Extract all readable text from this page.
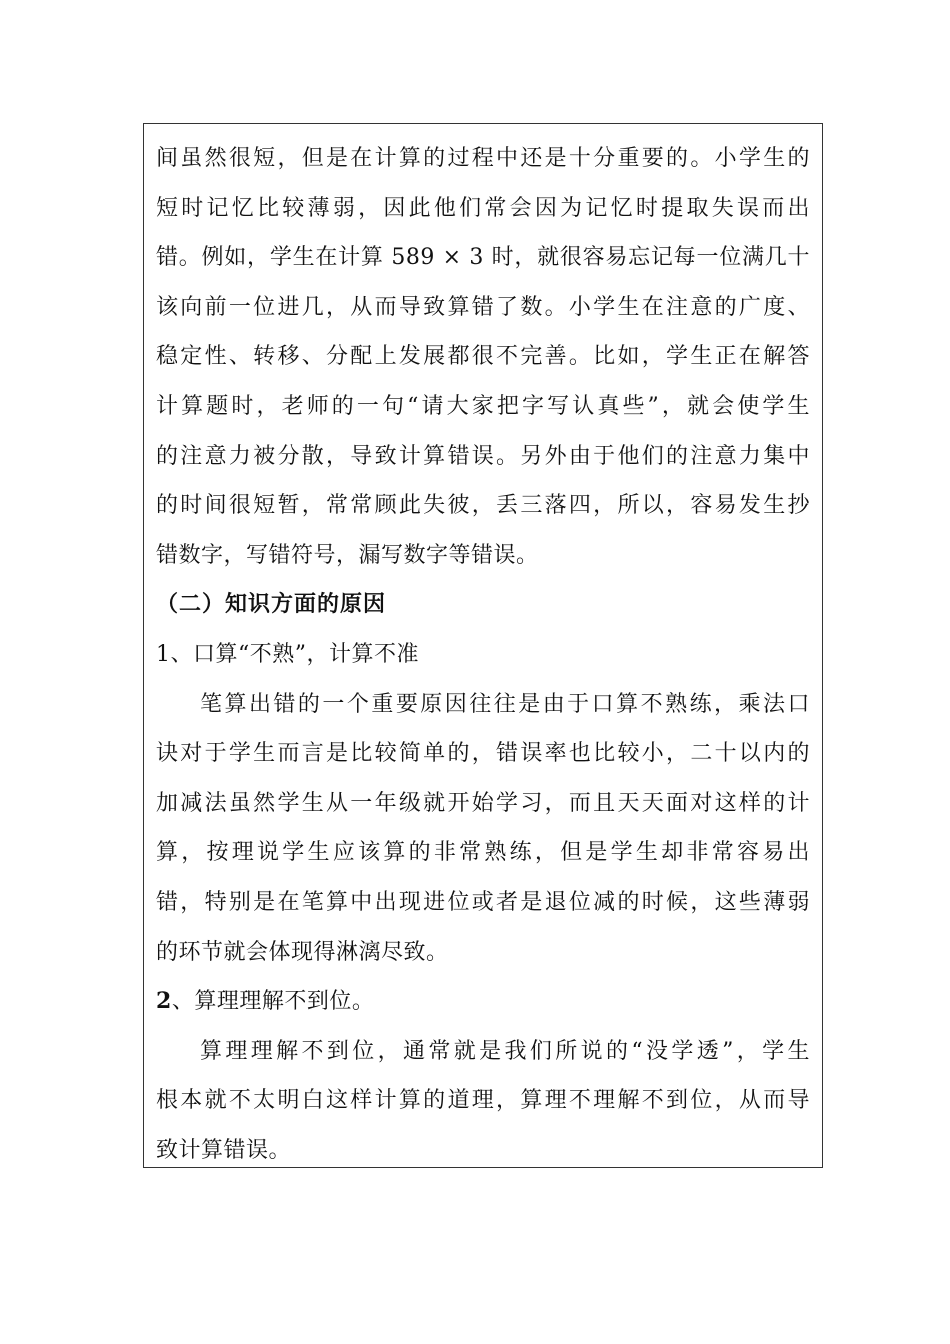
间虽然很短，但是在计算的过程中还是十分重要的。小学生的
短时记忆比较薄弱，因此他们常会因为记忆时提取失误而出
错。例如，学生在计算 589 × 3 时，就很容易忘记每一位满几十
该向前一位进几，从而导致算错了数。小学生在注意的广度、
稳定性、转移、分配上发展都很不完善。比如，学生正在解答
计算题时，老师的一句“请大家把字写认真些”，就会使学生
的注意力被分散，导致计算错误。另外由于他们的注意力集中
的时间很短暂，常常顾此失彼，丢三落四，所以，容易发生抄
错数字，写错符号，漏写数字等错误。
（二）知识方面的原因
1、口算“不熟”，计算不准
笔算出错的一个重要原因往往是由于口算不熟练，乘法口
诀对于学生而言是比较简单的，错误率也比较小，二十以内的
加减法虽然学生从一年级就开始学习，而且天天面对这样的计
算，按理说学生应该算的非常熟练，但是学生却非常容易出
错，特别是在笔算中出现进位或者是退位减的时候，这些薄弱
的环节就会体现得淋漓尽致。
2、算理理解不到位。
算理理解不到位，通常就是我们所说的“没学透”，学生
根本就不太明白这样计算的道理，算理不理解不到位，从而导
致计算错误。
